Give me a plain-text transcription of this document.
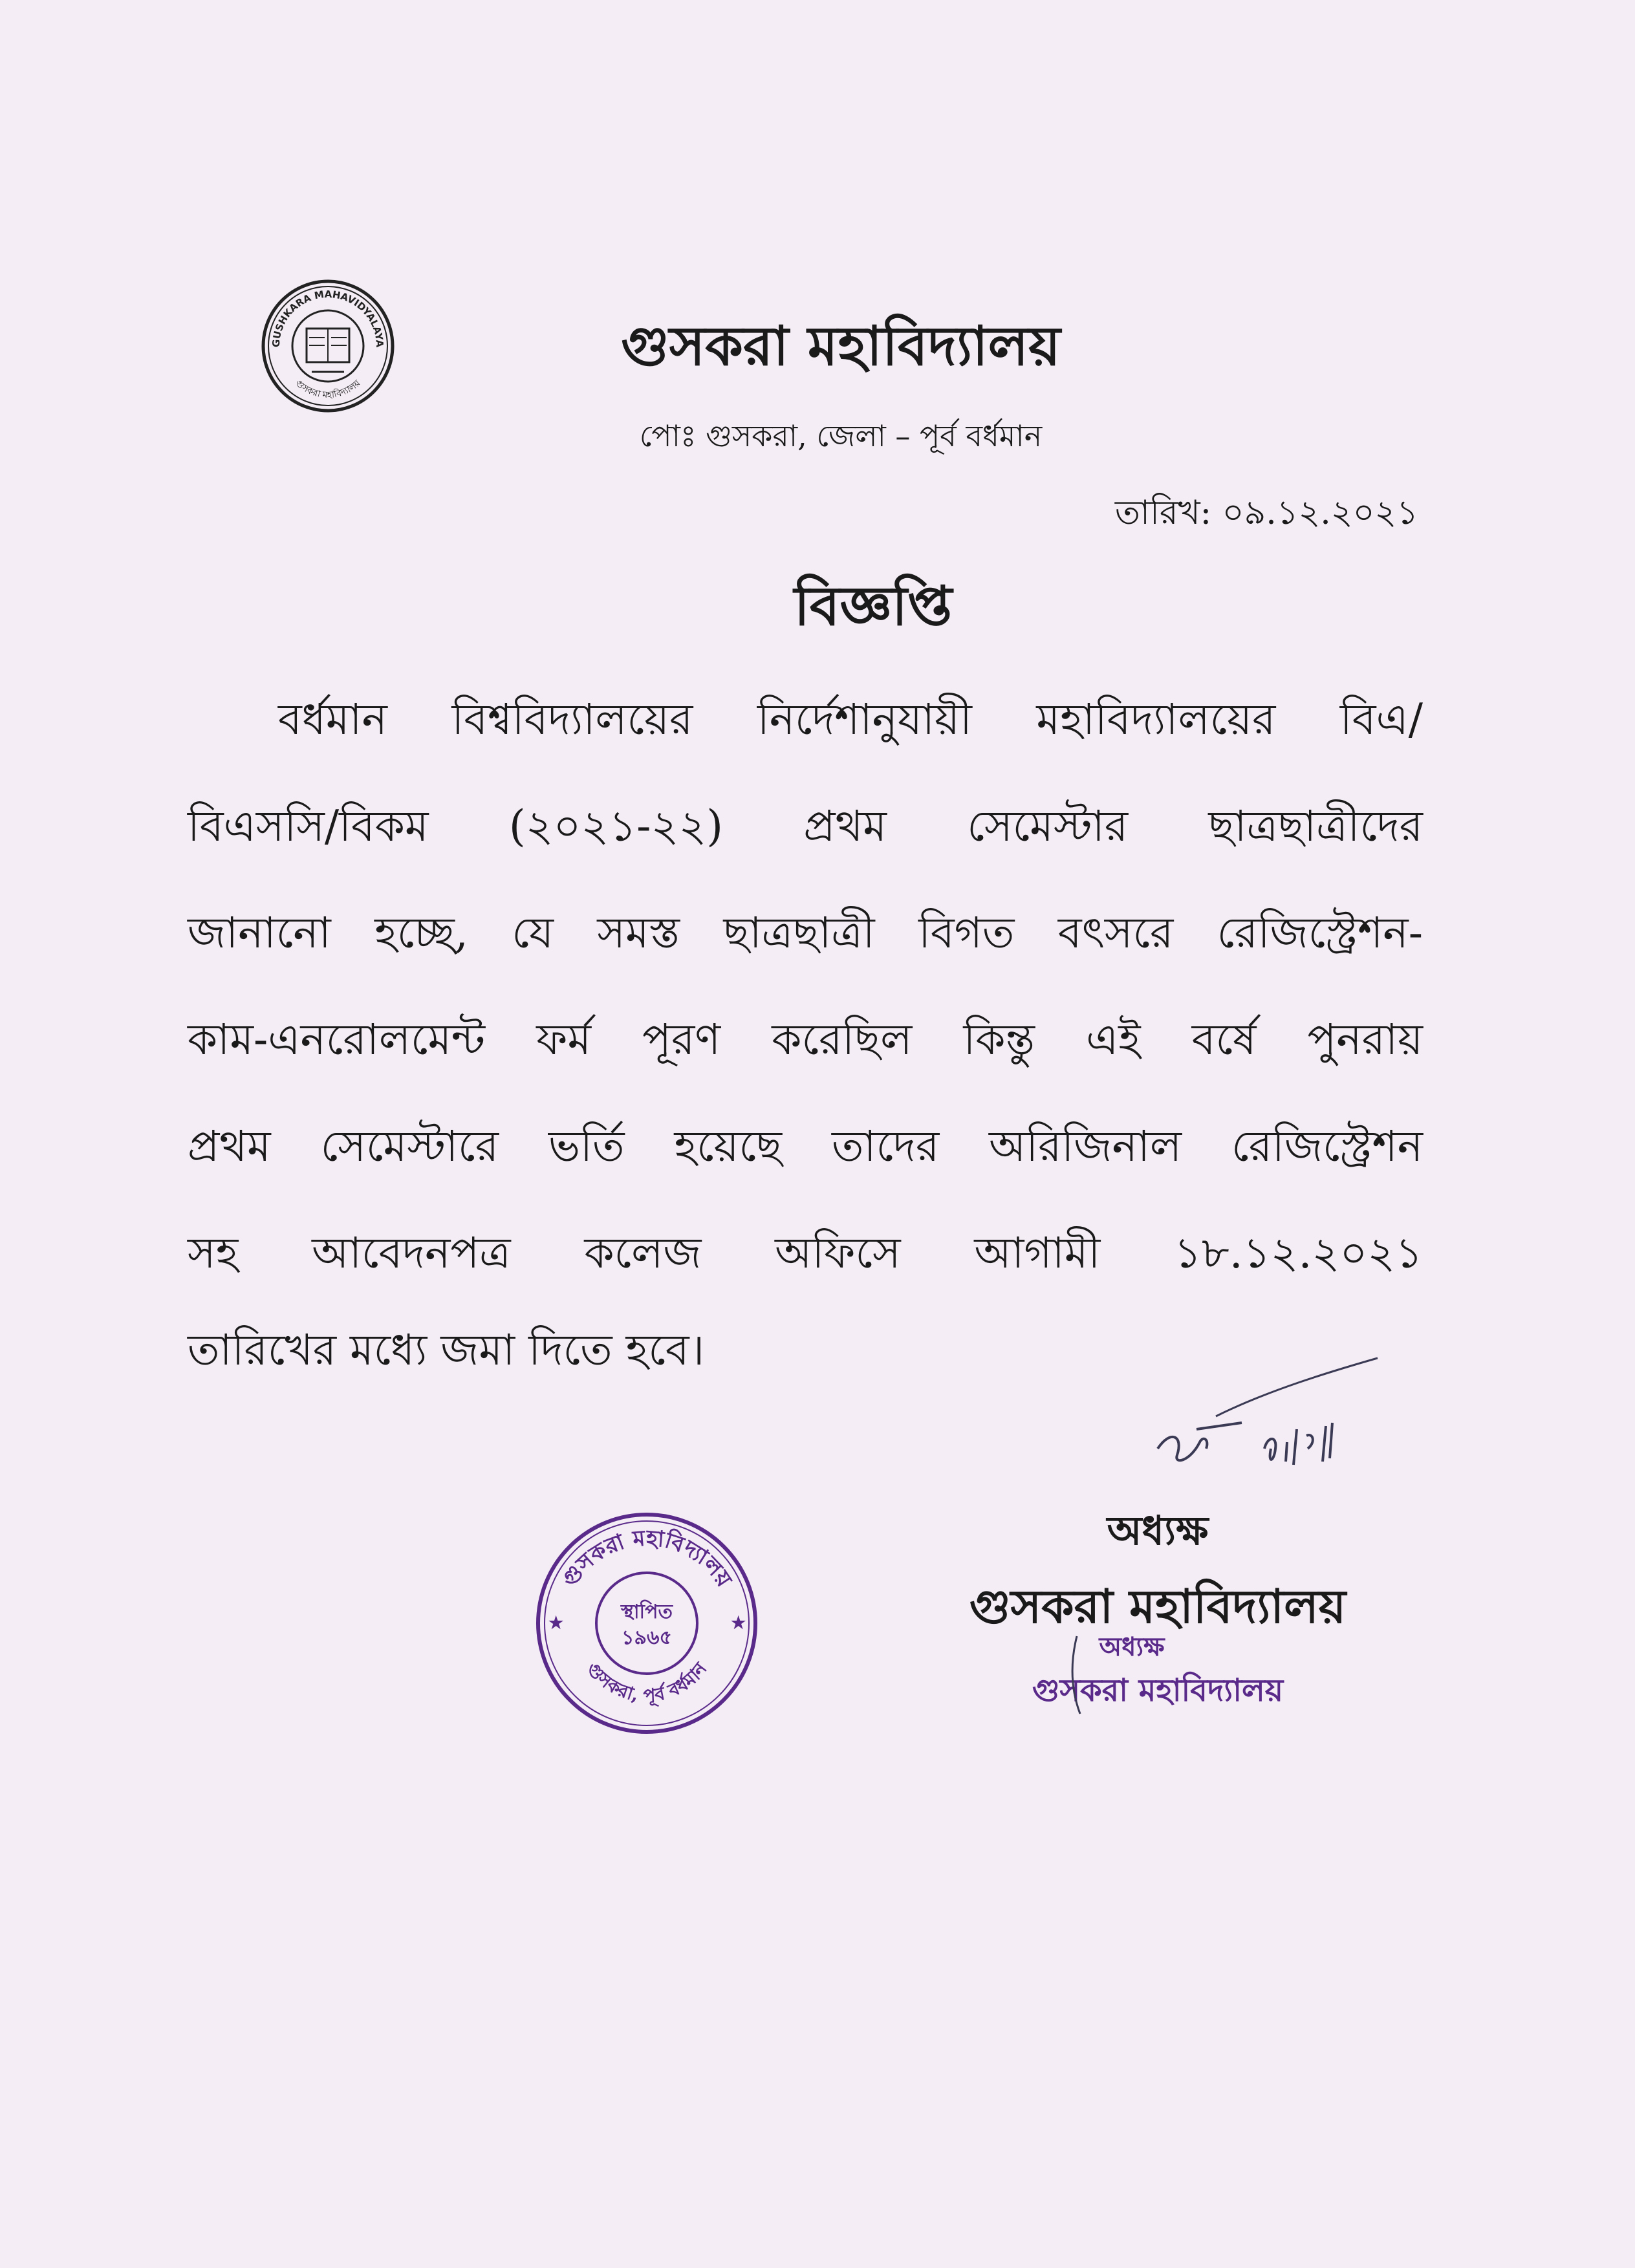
GUSHKARA MAHAVIDYALAYA
গুসকরা মহাবিদ্যালয়
গুসকরা মহাবিদ্যালয়
পোঃ গুসকরা, জেলা – পূর্ব বর্ধমান
তারিখ: ০৯.১২.২০২১
বিজ্ঞপ্তি
বর্ধমান বিশ্ববিদ্যালয়ের নির্দেশানুযায়ী মহাবিদ্যালয়ের বিএ/
বিএসসি/বিকম (২০২১-২২) প্রথম সেমেস্টার ছাত্রছাত্রীদের
জানানো হচ্ছে, যে সমস্ত ছাত্রছাত্রী বিগত বৎসরে রেজিস্ট্রেশন-
কাম-এনরোলমেন্ট ফর্ম পূরণ করেছিল কিন্তু এই বর্ষে পুনরায়
প্রথম সেমেস্টারে ভর্তি হয়েছে তাদের অরিজিনাল রেজিস্ট্রেশন
সহ আবেদনপত্র কলেজ অফিসে আগামী ১৮.১২.২০২১
তারিখের মধ্যে জমা দিতে হবে।
অধ্যক্ষ
গুসকরা মহাবিদ্যালয়
গুসকরা মহাবিদ্যালয়
গুসকরা, পূর্ব বর্ধমান
স্থাপিত
১৯৬৫
★	★
অধ্যক্ষ
গুসকরা মহাবিদ্যালয়
